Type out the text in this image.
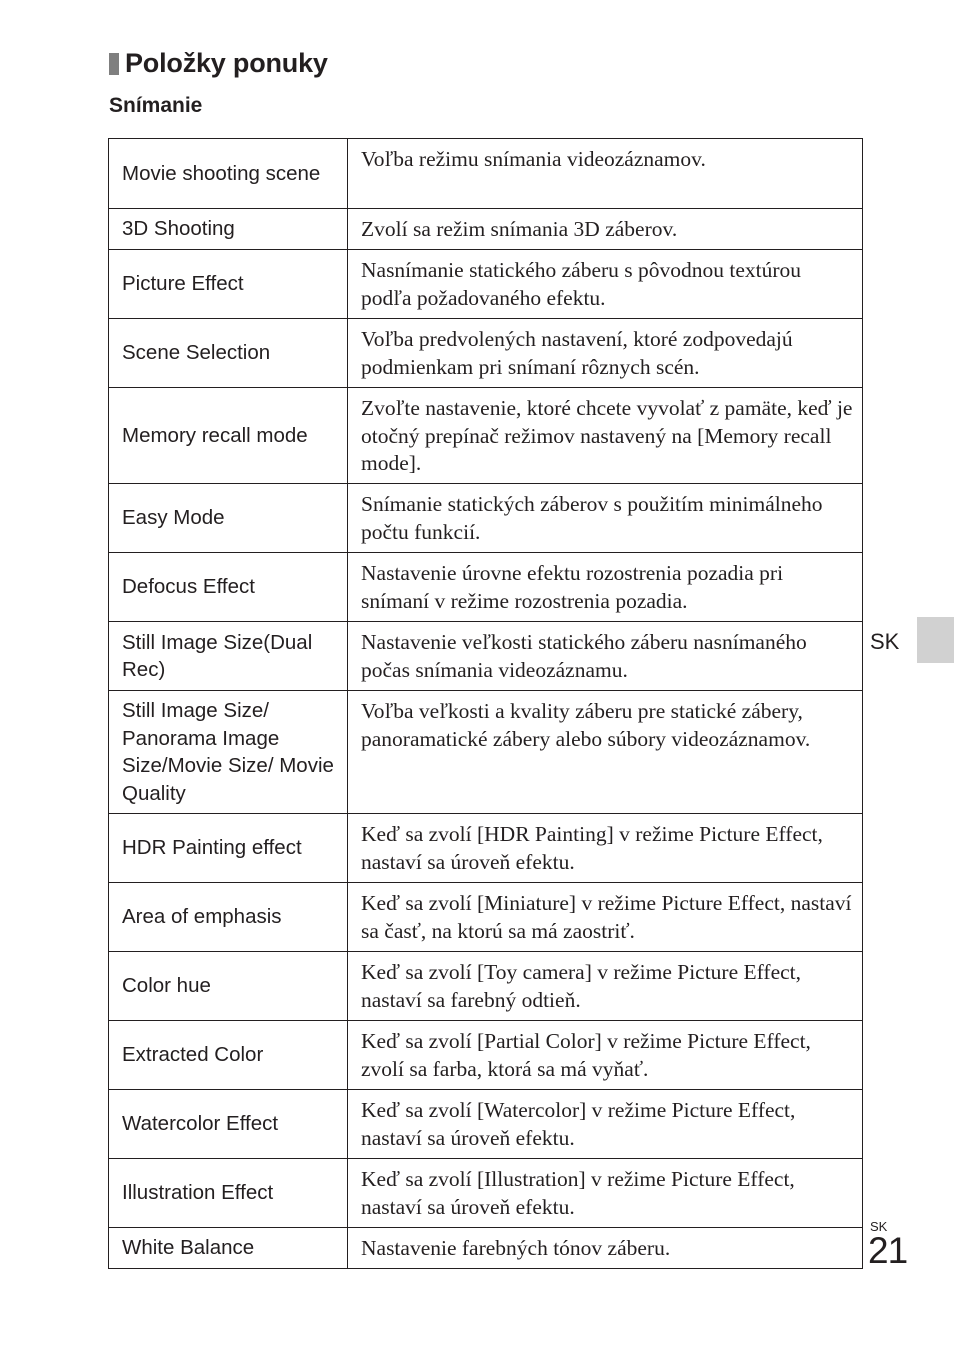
Položky ponuky
Snímanie
Movie shooting scene	Voľba režimu snímania videozáznamov.
3D Shooting	Zvolí sa režim snímania 3D záberov.
Picture Effect	Nasnímanie statického záberu s pôvodnou textúrou podľa požadovaného efektu.
Scene Selection	Voľba predvolených nastavení, ktoré zodpovedajú podmienkam pri snímaní rôznych scén.
Memory recall mode	Zvoľte nastavenie, ktoré chcete vyvolať z pamäte, keď je otočný prepínač režimov nastavený na [Memory recall mode].
Easy Mode	Snímanie statických záberov s použitím minimálneho počtu funkcií.
Defocus Effect	Nastavenie úrovne efektu rozostrenia pozadia pri snímaní v režime rozostrenia pozadia.
Still Image Size(Dual Rec)	Nastavenie veľkosti statického záberu nasnímaného počas snímania videozáznamu.
Still Image Size/ Panorama Image Size/Movie Size/ Movie Quality	Voľba veľkosti a kvality záberu pre statické zábery, panoramatické zábery alebo súbory videozáznamov.
HDR Painting effect	Keď sa zvolí [HDR Painting] v režime Picture Effect, nastaví sa úroveň efektu.
Area of emphasis	Keď sa zvolí [Miniature] v režime Picture Effect, nastaví sa časť, na ktorú sa má zaostriť.
Color hue	Keď sa zvolí [Toy camera] v režime Picture Effect, nastaví sa farebný odtieň.
Extracted Color	Keď sa zvolí [Partial Color] v režime Picture Effect, zvolí sa farba, ktorá sa má vyňať.
Watercolor Effect	Keď sa zvolí [Watercolor] v režime Picture Effect, nastaví sa úroveň efektu.
Illustration Effect	Keď sa zvolí [Illustration] v režime Picture Effect, nastaví sa úroveň efektu.
White Balance	Nastavenie farebných tónov záberu.
SK
SK
21
